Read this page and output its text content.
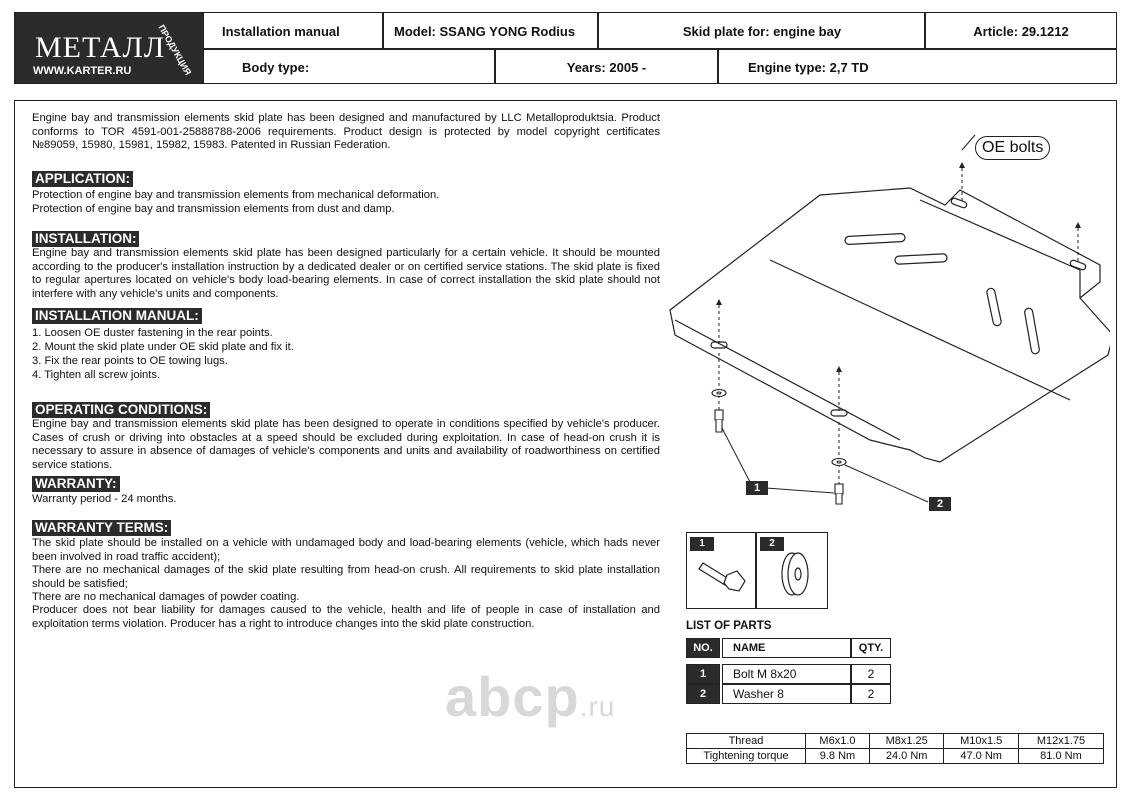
МЕТАЛЛ
WWW.KARTER.RU	ПРОДУКЦИЯ Installation manual	Model: SSANG YONG Rodius	Skid plate for: engine bay	Article: 29.1212
Body type:	Years: 2005 -	Engine type: 2,7 TD
Engine bay and transmission elements skid plate has been designed and manufactured by LLC Metalloproduktsia. Product conforms to TOR 4591-001-25888788-2006 requirements. Product design is protected by model copyright certificates №89059, 15980, 15981, 15982, 15983. Patented in Russian Federation.
APPLICATION:
Protection of engine bay and transmission elements from mechanical deformation.
Protection of engine bay and transmission elements from dust and damp.
INSTALLATION:
Engine bay and transmission elements skid plate has been designed particularly for a certain vehicle. It should be mounted according to the producer's installation instruction by a dedicated dealer or on certified service stations. The skid plate is fixed to regular apertures located on vehicle's body load-bearing elements. In case of correct installation the skid plate should not interfere with any vehicle's units and components.
INSTALLATION MANUAL:
1. Loosen OE duster fastening in the rear points.
2. Mount the skid plate under OE skid plate and fix it.
3. Fix the rear points to OE towing lugs.
4. Tighten all screw joints.
OPERATING CONDITIONS:
Engine bay and transmission elements skid plate has been designed to operate in conditions specified by vehicle's producer. Cases of crush or driving into obstacles at a speed should be excluded during exploitation. In case of head-on crush it is necessary to assure in absence of damages of vehicle's components and units and availability of roadworthiness on certified service stations.
WARRANTY:
Warranty period - 24 months.
WARRANTY TERMS:
The skid plate should be installed on a vehicle with undamaged body and load-bearing elements (vehicle, which hads never been involved in road traffic accident);
There are no mechanical damages of the skid plate resulting from head-on crush. All requirements to skid plate installation should be satisfied;
There are no mechanical damages of powder coating.
Producer does not bear liability for damages caused to the vehicle, health and life of people in case of installation and exploitation terms violation. Producer has a right to introduce changes into the skid plate construction.
OE bolts
1
2
1	2
LIST OF PARTS
NO.	NAME	QTY.
1	Bolt M 8x20	2
2	Washer 8	2
abcp.ru
Thread	M6x1.0	M8x1.25	M10x1.5	M12x1.75
Tightening torque	9.8 Nm	24.0 Nm	47.0 Nm	81.0 Nm
